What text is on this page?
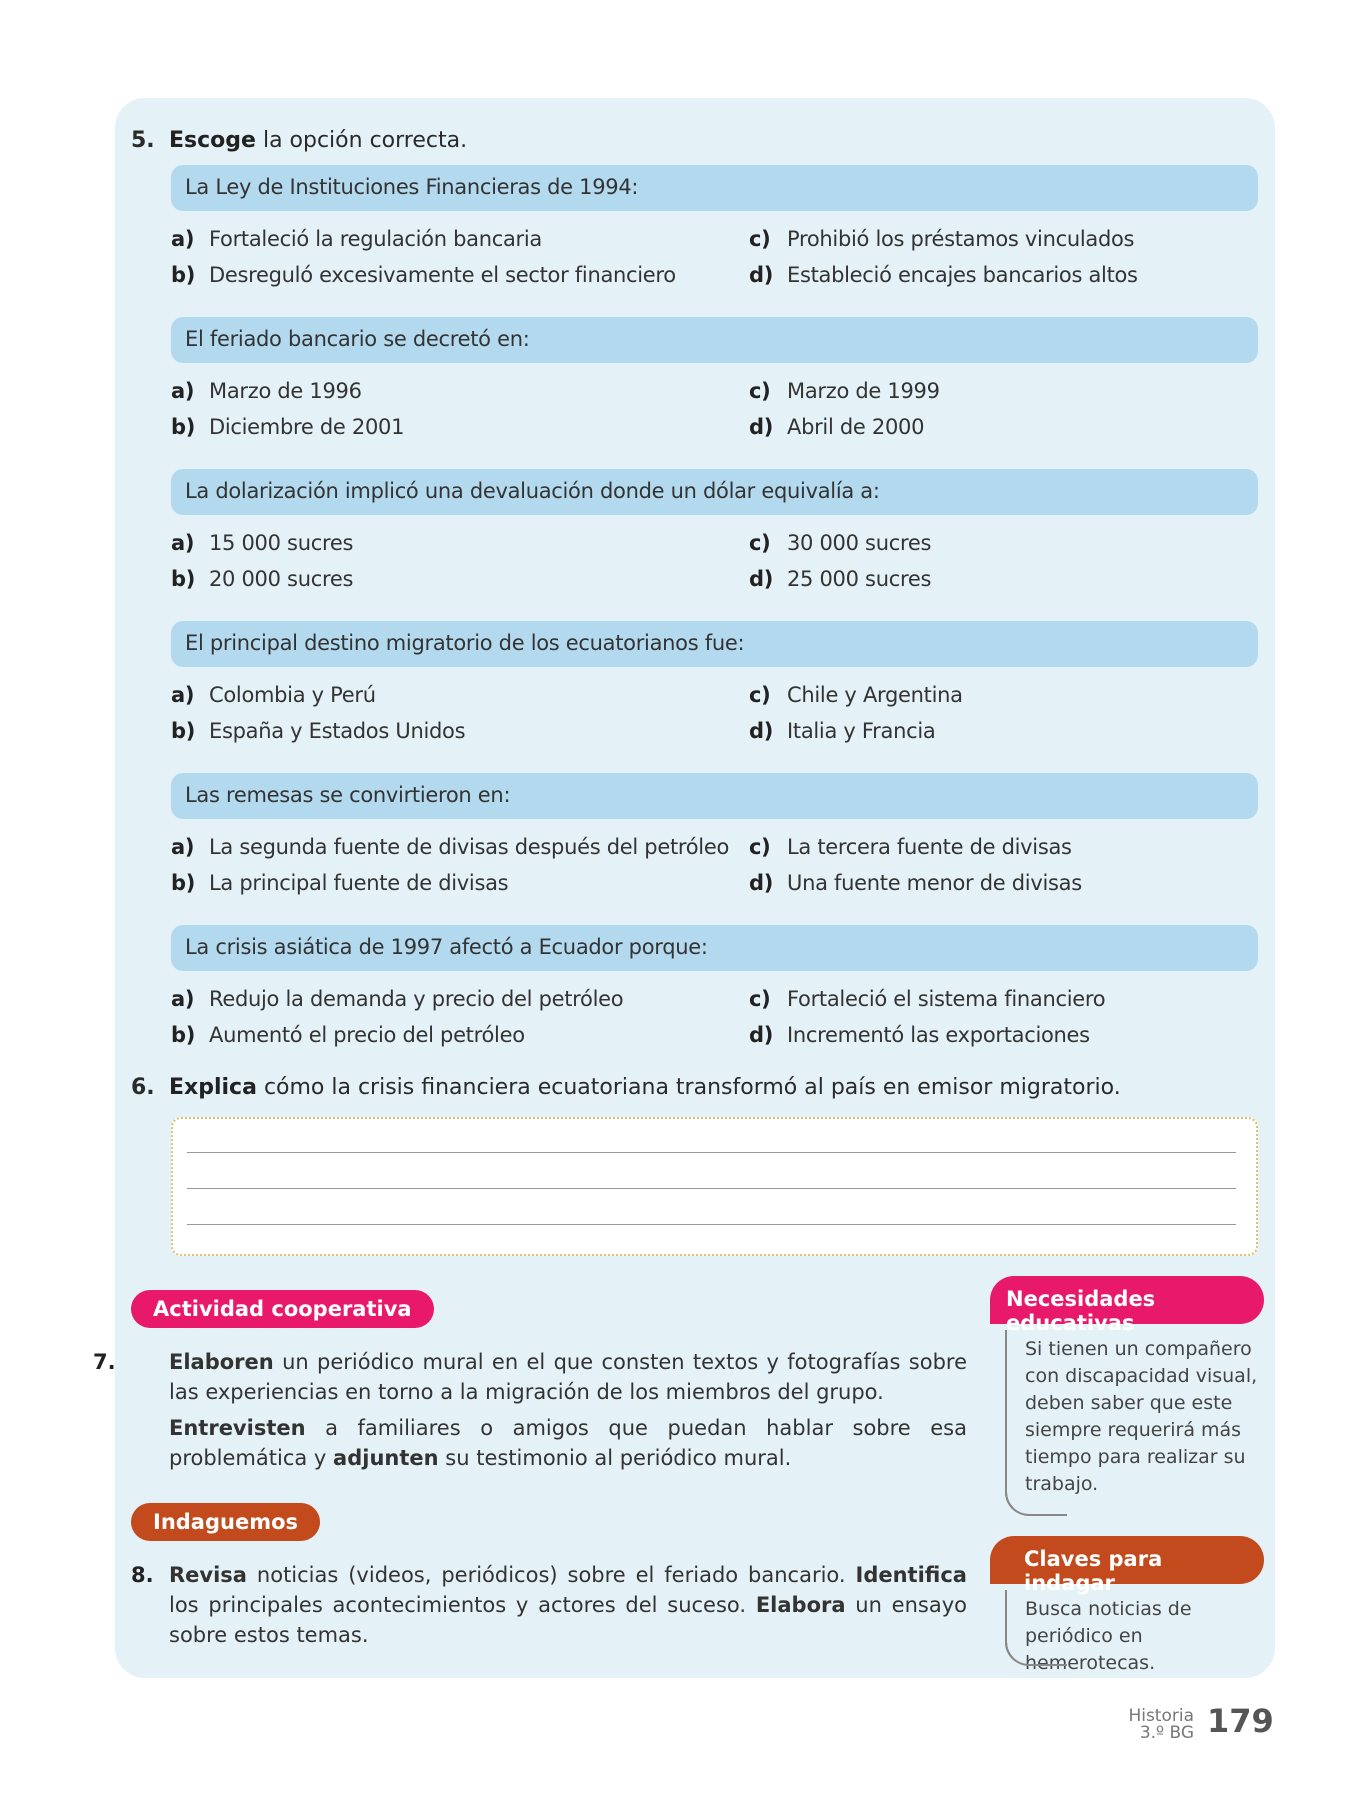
5. Escoge la opción correcta.
La Ley de Instituciones Financieras de 1994:
a) Fortaleció la regulación bancaria
b) Desreguló excesivamente el sector financiero
c) Prohibió los préstamos vinculados
d) Estableció encajes bancarios altos
El feriado bancario se decretó en:
a) Marzo de 1996
b) Diciembre de 2001
c) Marzo de 1999
d) Abril de 2000
La dolarización implicó una devaluación donde un dólar equivalía a:
a) 15 000 sucres
b) 20 000 sucres
c) 30 000 sucres
d) 25 000 sucres
El principal destino migratorio de los ecuatorianos fue:
a) Colombia y Perú
b) España y Estados Unidos
c) Chile y Argentina
d) Italia y Francia
Las remesas se convirtieron en:
a) La segunda fuente de divisas después del petróleo
b) La principal fuente de divisas
c) La tercera fuente de divisas
d) Una fuente menor de divisas
La crisis asiática de 1997 afectó a Ecuador porque:
a) Redujo la demanda y precio del petróleo
b) Aumentó el precio del petróleo
c) Fortaleció el sistema financiero
d) Incrementó las exportaciones
6. Explica cómo la crisis financiera ecuatoriana transformó al país en emisor migratorio.
Actividad cooperativa
7.	Elaboren un periódico mural en el que consten textos y fotografías sobre las experiencias en torno a la migración de los miembros del grupo.
Entrevisten a familiares o amigos que puedan hablar sobre esa problemática y adjunten su testimonio al periódico mural.
Indaguemos
8. Revisa noticias (videos, periódicos) sobre el feriado bancario. Identifica los principales acontecimientos y actores del suceso. Elabora un ensayo sobre estos temas.
Necesidades educativas
Si tienen un compañero con discapacidad visual, deben saber que este siempre requerirá más tiempo para realizar su trabajo.
Claves para indagar
Busca noticias de periódico en hemerotecas.
Historia
3.º BG 179
